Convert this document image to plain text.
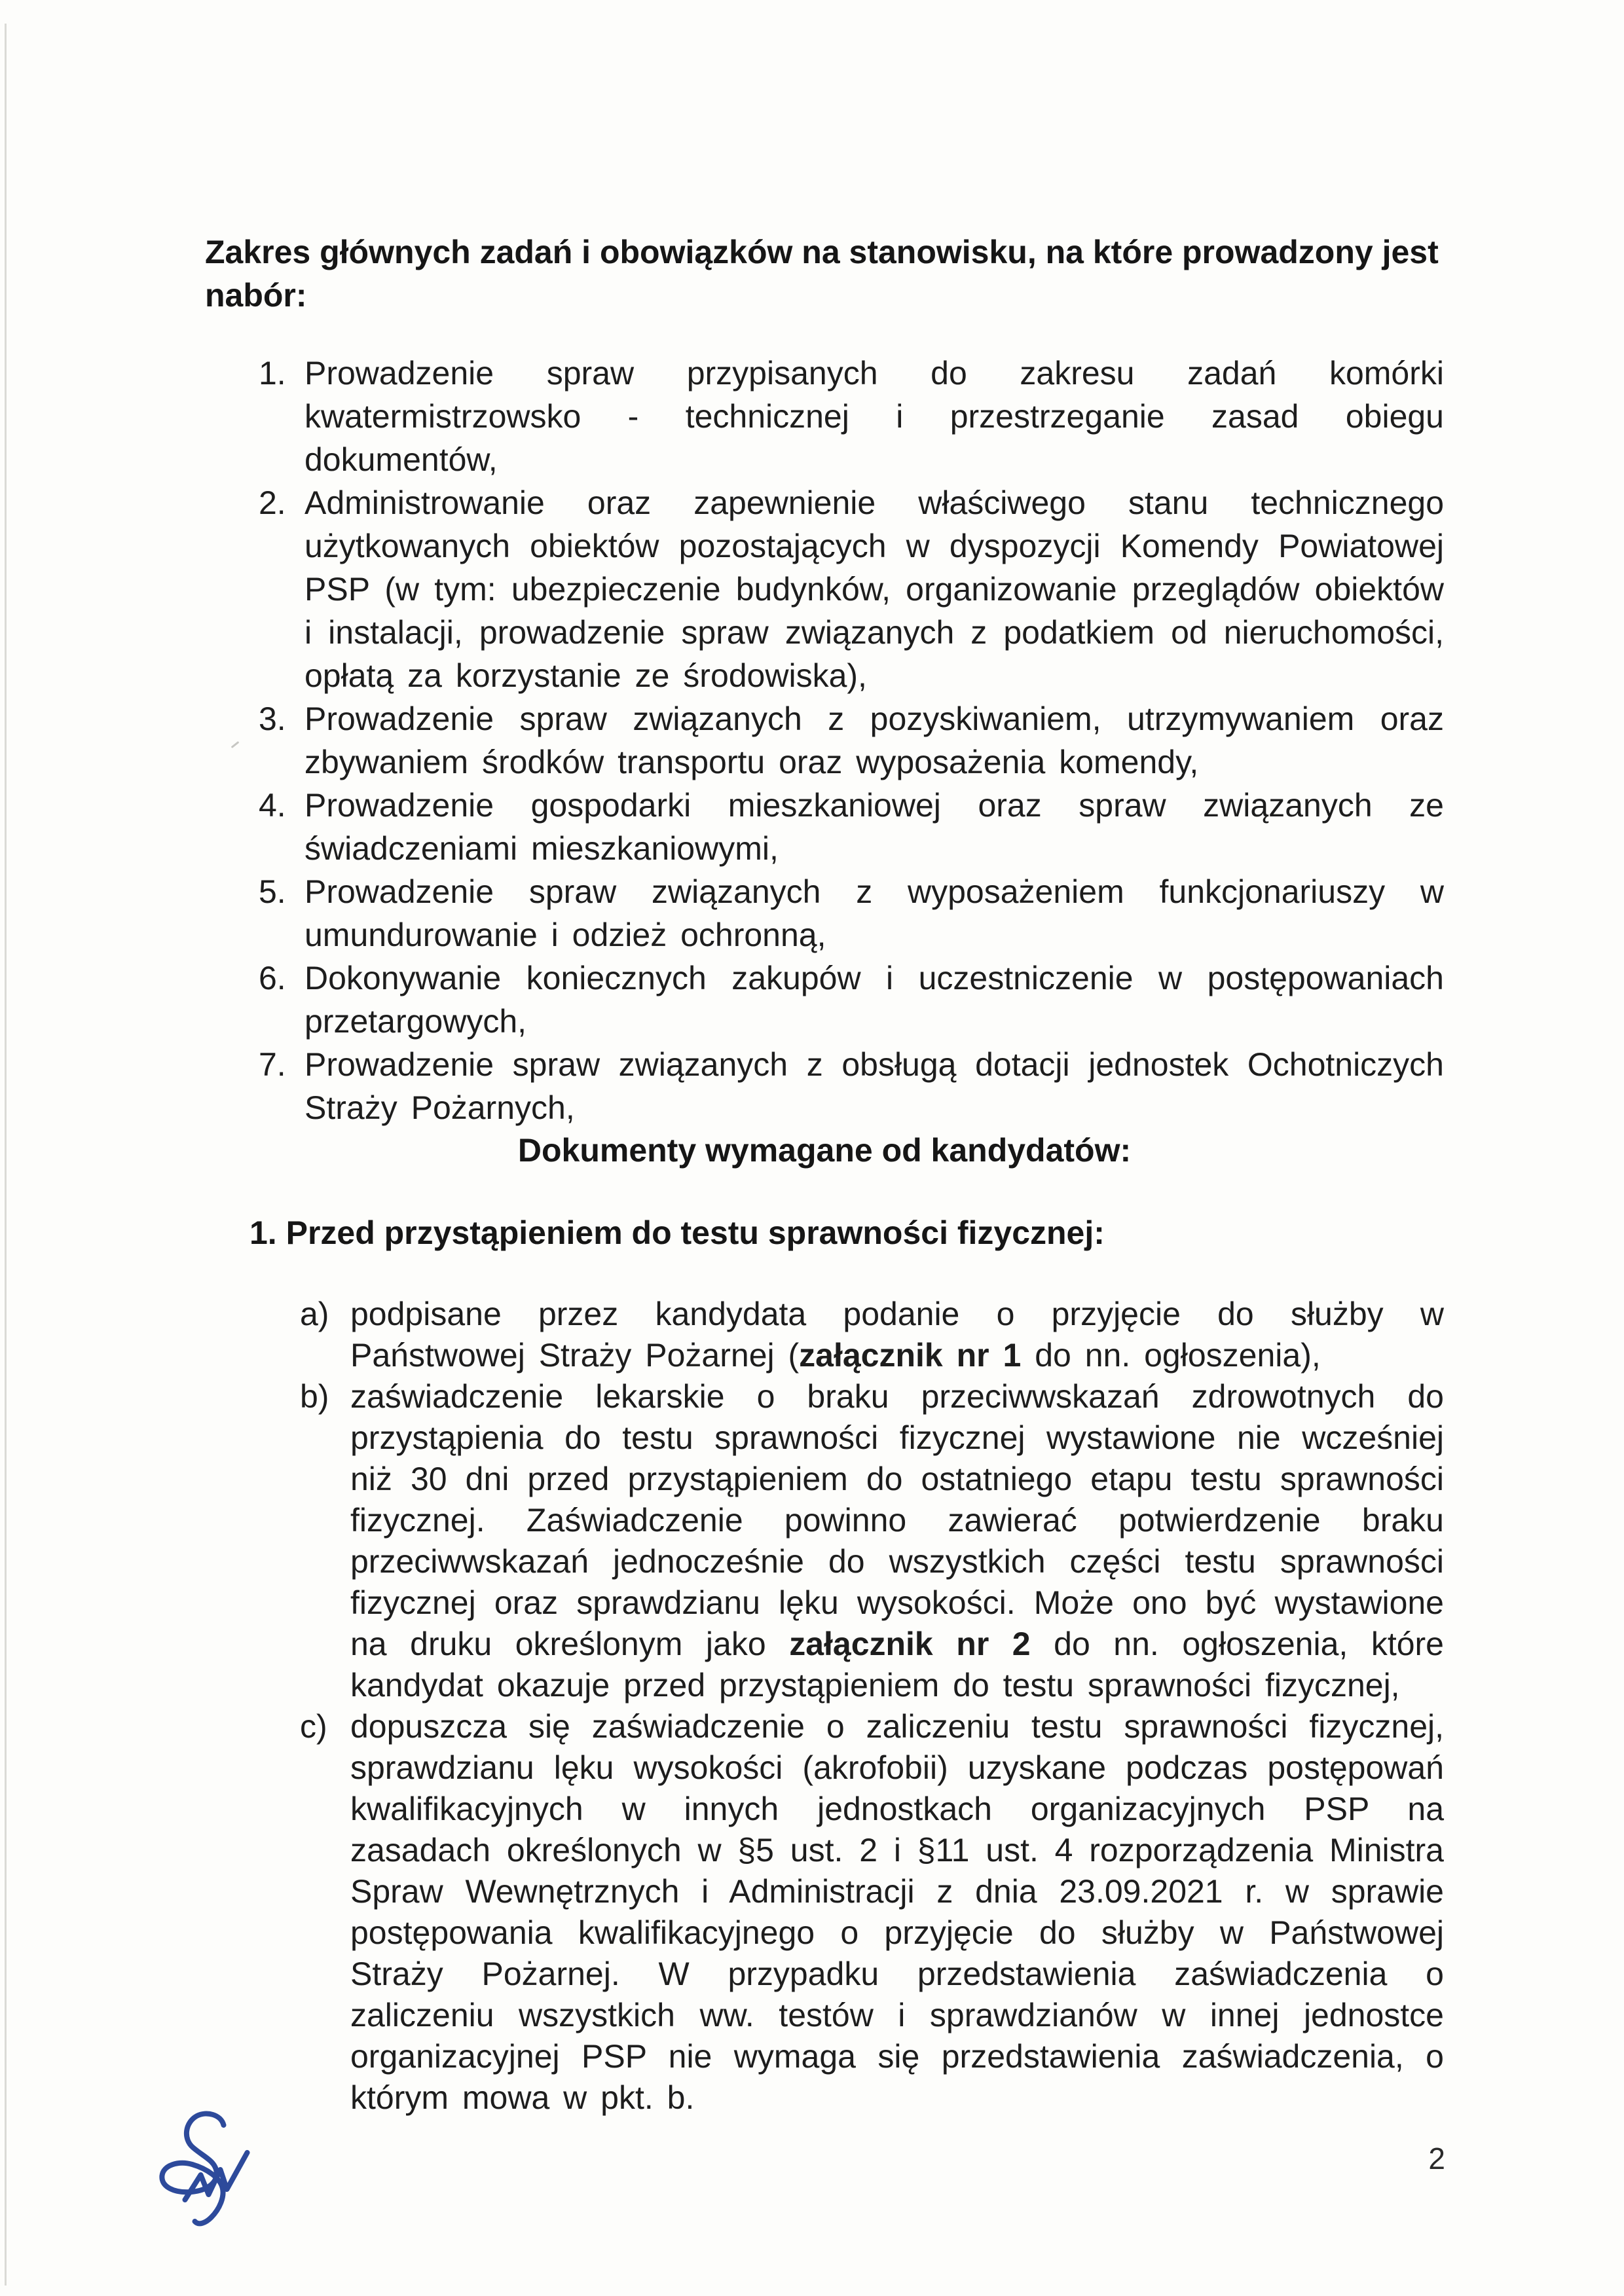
Zakres głównych zadań i obowiązków na stanowisku, na które prowadzony jest nabór:
1. Prowadzenie spraw przypisanych do zakresu zadań komórki kwatermistrzowsko - technicznej i przestrzeganie zasad obiegu dokumentów,
2. Administrowanie oraz zapewnienie właściwego stanu technicznego użytkowanych obiektów pozostających w dyspozycji Komendy Powiatowej PSP (w tym: ubezpieczenie budynków, organizowanie przeglądów obiektów i instalacji, prowadzenie spraw związanych z podatkiem od nieruchomości, opłatą za korzystanie ze środowiska),
3. Prowadzenie spraw związanych z pozyskiwaniem, utrzymywaniem oraz zbywaniem środków transportu oraz wyposażenia komendy,
4. Prowadzenie gospodarki mieszkaniowej oraz spraw związanych ze świadczeniami mieszkaniowymi,
5. Prowadzenie spraw związanych z wyposażeniem funkcjonariuszy w umundurowanie i odzież ochronną,
6. Dokonywanie koniecznych zakupów i uczestniczenie w postępowaniach przetargowych,
7. Prowadzenie spraw związanych z obsługą dotacji jednostek Ochotniczych Straży Pożarnych,
Dokumenty wymagane od kandydatów:
1. Przed przystąpieniem do testu sprawności fizycznej:
a) podpisane przez kandydata podanie o przyjęcie do służby w Państwowej Straży Pożarnej (załącznik nr 1 do nn. ogłoszenia),
b) zaświadczenie lekarskie o braku przeciwwskazań zdrowotnych do przystąpienia do testu sprawności fizycznej wystawione nie wcześniej niż 30 dni przed przystąpieniem do ostatniego etapu testu sprawności fizycznej. Zaświadczenie powinno zawierać potwierdzenie braku przeciwwskazań jednocześnie do wszystkich części testu sprawności fizycznej oraz sprawdzianu lęku wysokości. Może ono być wystawione na druku określonym jako załącznik nr 2 do nn. ogłoszenia, które kandydat okazuje przed przystąpieniem do testu sprawności fizycznej,
c) dopuszcza się zaświadczenie o zaliczeniu testu sprawności fizycznej, sprawdzianu lęku wysokości (akrofobii) uzyskane podczas postępowań kwalifikacyjnych w innych jednostkach organizacyjnych PSP na zasadach określonych w §5 ust. 2 i §11 ust. 4 rozporządzenia Ministra Spraw Wewnętrznych i Administracji z dnia 23.09.2021 r. w sprawie postępowania kwalifikacyjnego o przyjęcie do służby w Państwowej Straży Pożarnej. W przypadku przedstawienia zaświadczenia o zaliczeniu wszystkich ww. testów i sprawdzianów w innej jednostce organizacyjnej PSP nie wymaga się przedstawienia zaświadczenia, o którym mowa w pkt. b.
2
